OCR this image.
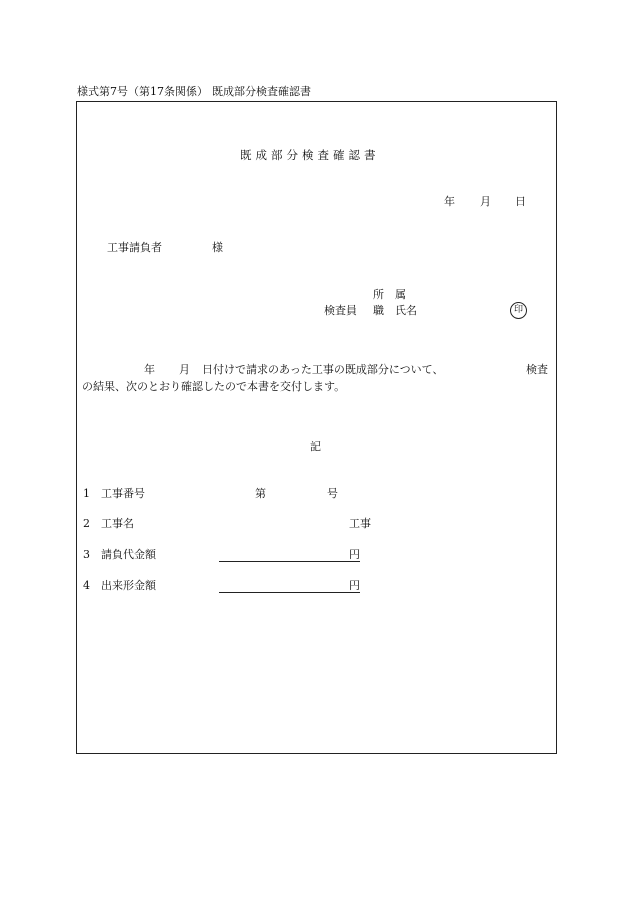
様式第7号（第17条関係） 既成部分検査確認書
既成部分検査確認書
年 月 日
工事請負者	様
所　属
検査員 職　氏名	印
年 月 日付けで請求のあった工事の既成部分について、	検査
の結果、次のとおり確認したので本書を交付します。
記
1 工事番号	第	号
2 工事名	工事
3 請負代金額	円
4 出来形金額	円
